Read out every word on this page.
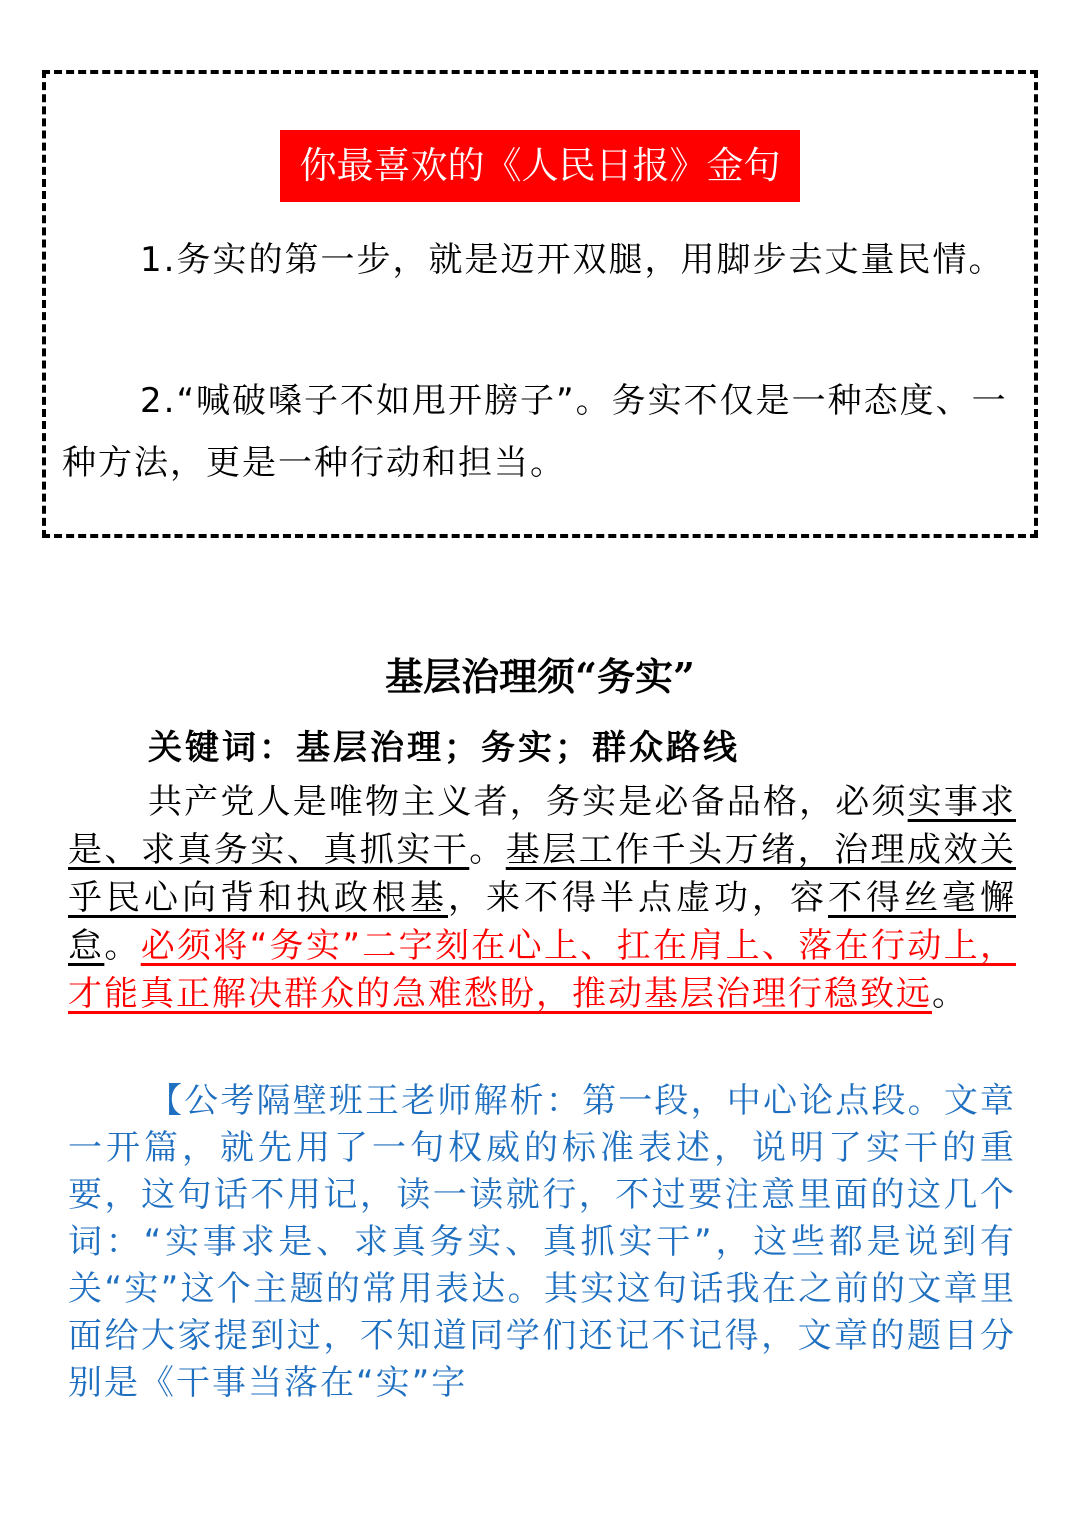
你最喜欢的《人民日报》金句
1.务实的第一步，就是迈开双腿，用脚步去丈量民情。
2.“喊破嗓子不如甩开膀子”。务实不仅是一种态度、一种方法，更是一种行动和担当。
基层治理须“务实”
关键词：基层治理；务实；群众路线
共产党人是唯物主义者，务实是必备品格，必须实事求是、求真务实、真抓实干。基层工作千头万绪，治理成效关乎民心向背和执政根基，来不得半点虚功，容不得丝毫懈怠。必须将“务实”二字刻在心上、扛在肩上、落在行动上，才能真正解决群众的急难愁盼，推动基层治理行稳致远。
【公考隔壁班王老师解析：第一段，中心论点段。文章一开篇，就先用了一句权威的标准表述，说明了实干的重要，这句话不用记，读一读就行，不过要注意里面的这几个词：“实事求是、求真务实、真抓实干”，这些都是说到有关“实”这个主题的常用表达。其实这句话我在之前的文章里面给大家提到过，不知道同学们还记不记得，文章的题目分别是《干事当落在“实”字
